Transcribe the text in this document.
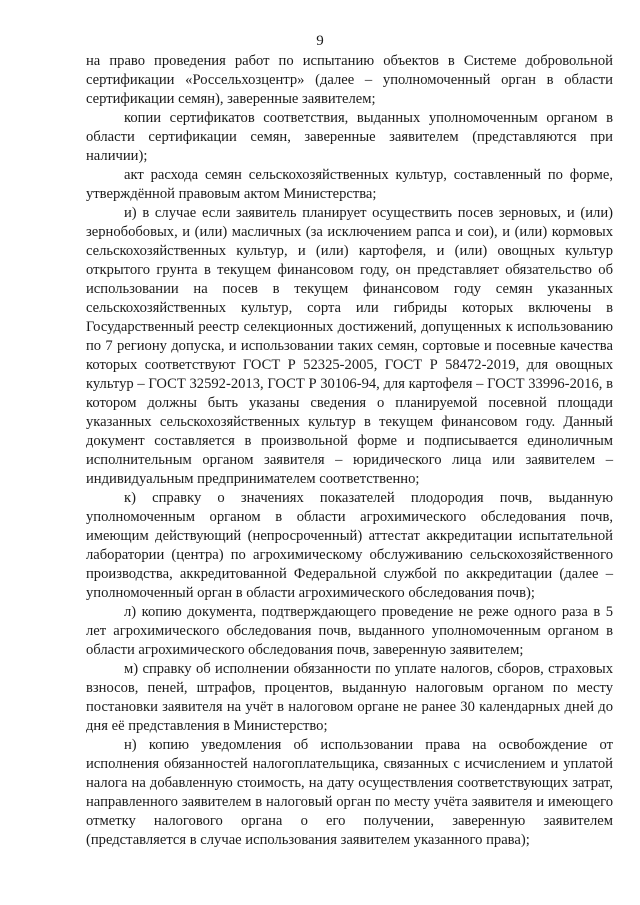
9

на право проведения работ по испытанию объектов в Системе добровольной сертификации «Россельхозцентр» (далее – уполномоченный орган в области сертификации семян), заверенные заявителем;

копии сертификатов соответствия, выданных уполномоченным органом в области сертификации семян, заверенные заявителем (представляются при наличии);

акт расхода семян сельскохозяйственных культур, составленный по форме, утверждённой правовым актом Министерства;

и) в случае если заявитель планирует осуществить посев зерновых, и (или) зернобобовых, и (или) масличных (за исключением рапса и сои), и (или) кормовых сельскохозяйственных культур, и (или) картофеля, и (или) овощных культур открытого грунта в текущем финансовом году, он представляет обязательство об использовании на посев в текущем финансовом году семян указанных сельскохозяйственных культур, сорта или гибриды которых включены в Государственный реестр селекционных достижений, допущенных к использованию по 7 региону допуска, и использовании таких семян, сортовые и посевные качества которых соответствуют ГОСТ Р 52325-2005, ГОСТ Р 58472-2019, для овощных культур – ГОСТ 32592-2013, ГОСТ Р 30106-94, для картофеля – ГОСТ 33996-2016, в котором должны быть указаны сведения о планируемой посевной площади указанных сельскохозяйственных культур в текущем финансовом году. Данный документ составляется в произвольной форме и подписывается единоличным исполнительным органом заявителя – юридического лица или заявителем – индивидуальным предпринимателем соответственно;

к) справку о значениях показателей плодородия почв, выданную уполномоченным органом в области агрохимического обследования почв, имеющим действующий (непросроченный) аттестат аккредитации испытательной лаборатории (центра) по агрохимическому обслуживанию сельскохозяйственного производства, аккредитованной Федеральной службой по аккредитации (далее – уполномоченный орган в области агрохимического обследования почв);

л) копию документа, подтверждающего проведение не реже одного раза в 5 лет агрохимического обследования почв, выданного уполномоченным органом в области агрохимического обследования почв, заверенную заявителем;

м) справку об исполнении обязанности по уплате налогов, сборов, страховых взносов, пеней, штрафов, процентов, выданную налоговым органом по месту постановки заявителя на учёт в налоговом органе не ранее 30 календарных дней до дня её представления в Министерство;

н) копию уведомления об использовании права на освобождение от исполнения обязанностей налогоплательщика, связанных с исчислением и уплатой налога на добавленную стоимость, на дату осуществления соответствующих затрат, направленного заявителем в налоговый орган по месту учёта заявителя и имеющего отметку налогового органа о его получении, заверенную заявителем (представляется в случае использования заявителем указанного права);
